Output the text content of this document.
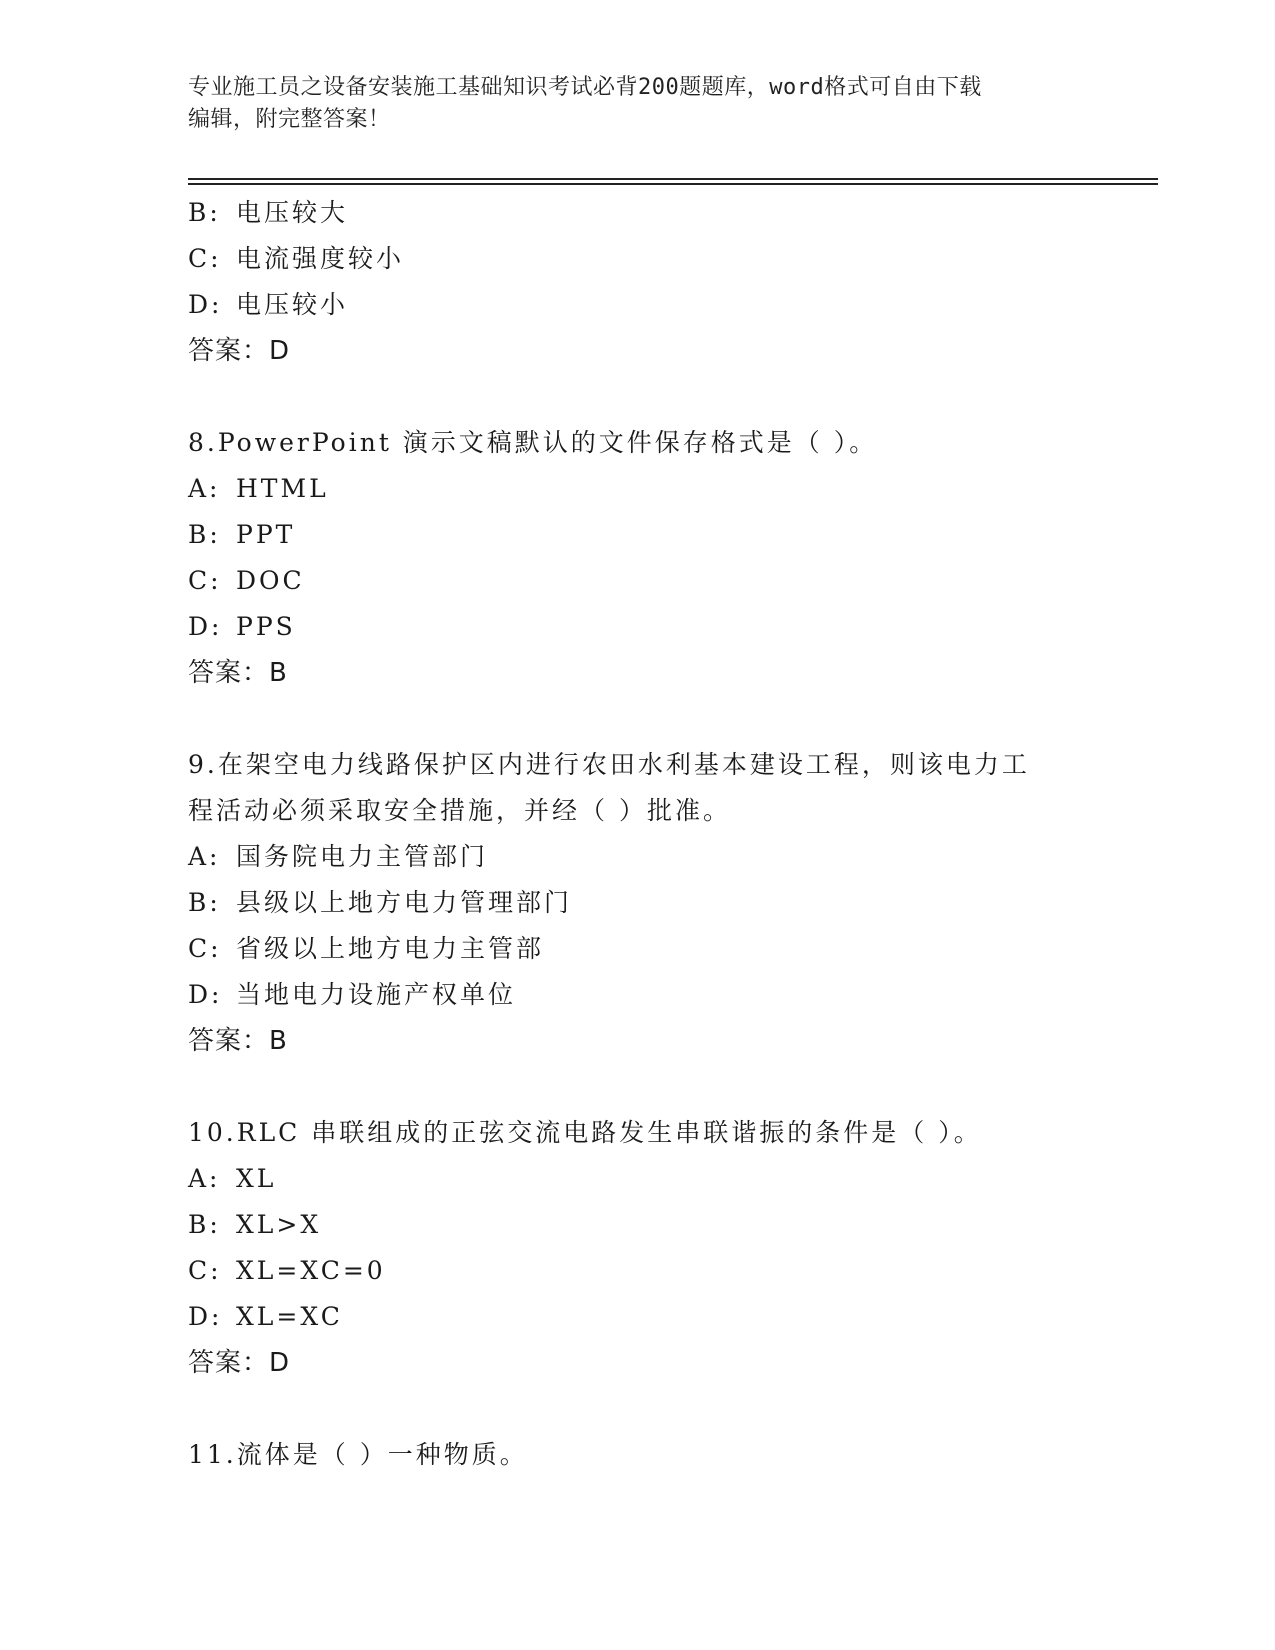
专业施工员之设备安装施工基础知识考试必背200题题库，word格式可自由下载
编辑，附完整答案！
B: 电压较大
C: 电流强度较小
D: 电压较小
答案：D
8.PowerPoint 演示文稿默认的文件保存格式是（ ）。
A: HTML
B: PPT
C: DOC
D: PPS
答案：B
9.在架空电力线路保护区内进行农田水利基本建设工程，则该电力工
程活动必须采取安全措施，并经（ ）批准。
A: 国务院电力主管部门
B: 县级以上地方电力管理部门
C: 省级以上地方电力主管部
D: 当地电力设施产权单位
答案：B
10.RLC 串联组成的正弦交流电路发生串联谐振的条件是（ ）。
A: XL
B: XL>X
C: XL=XC=0
D: XL=XC
答案：D
11.流体是（ ）一种物质。
